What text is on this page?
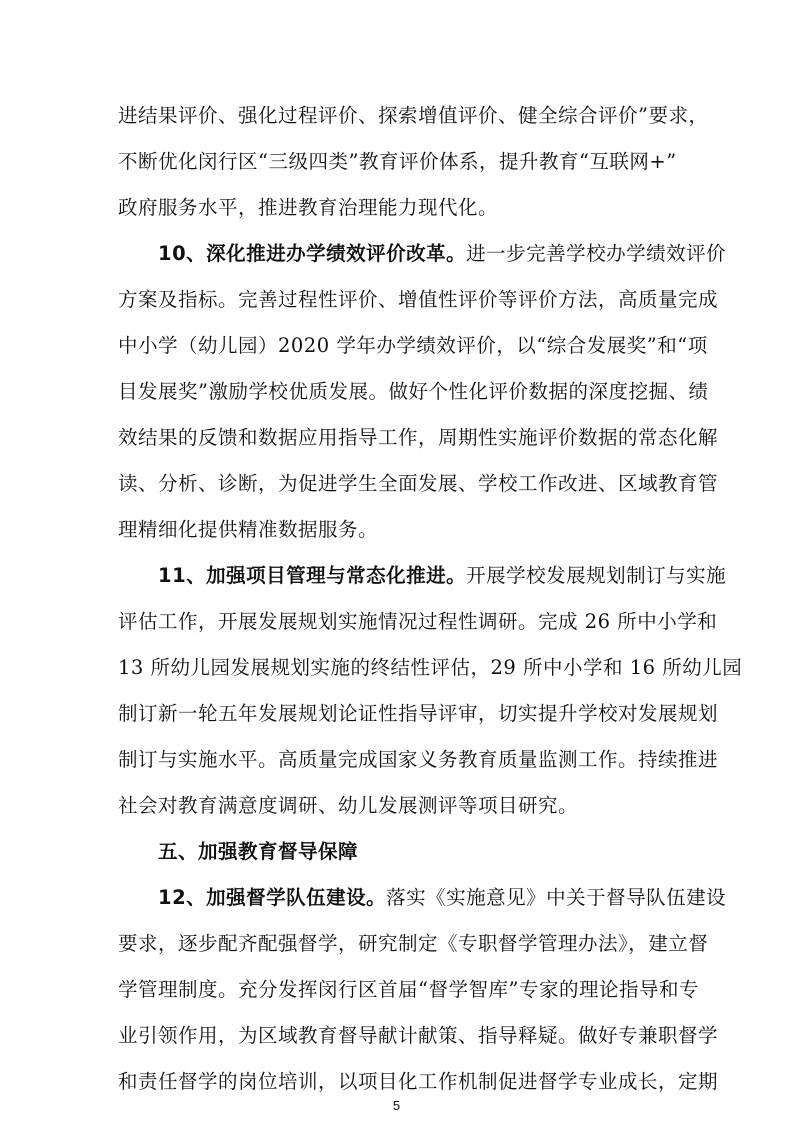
进结果评价、强化过程评价、探索增值评价、健全综合评价”要求，
不断优化闵行区“三级四类”教育评价体系，提升教育“互联网+”
政府服务水平，推进教育治理能力现代化。
10、深化推进办学绩效评价改革。进一步完善学校办学绩效评价
方案及指标。完善过程性评价、增值性评价等评价方法，高质量完成
中小学（幼儿园）2020 学年办学绩效评价，以“综合发展奖”和“项
目发展奖”激励学校优质发展。做好个性化评价数据的深度挖掘、绩
效结果的反馈和数据应用指导工作，周期性实施评价数据的常态化解
读、分析、诊断，为促进学生全面发展、学校工作改进、区域教育管
理精细化提供精准数据服务。
11、加强项目管理与常态化推进。开展学校发展规划制订与实施
评估工作，开展发展规划实施情况过程性调研。完成 26 所中小学和
13 所幼儿园发展规划实施的终结性评估，29 所中小学和 16 所幼儿园
制订新一轮五年发展规划论证性指导评审，切实提升学校对发展规划
制订与实施水平。高质量完成国家义务教育质量监测工作。持续推进
社会对教育满意度调研、幼儿发展测评等项目研究。
五、加强教育督导保障
12、加强督学队伍建设。落实《实施意见》中关于督导队伍建设
要求，逐步配齐配强督学，研究制定《专职督学管理办法》，建立督
学管理制度。充分发挥闵行区首届“督学智库”专家的理论指导和专
业引领作用，为区域教育督导献计献策、指导释疑。做好专兼职督学
和责任督学的岗位培训，以项目化工作机制促进督学专业成长，定期
5
